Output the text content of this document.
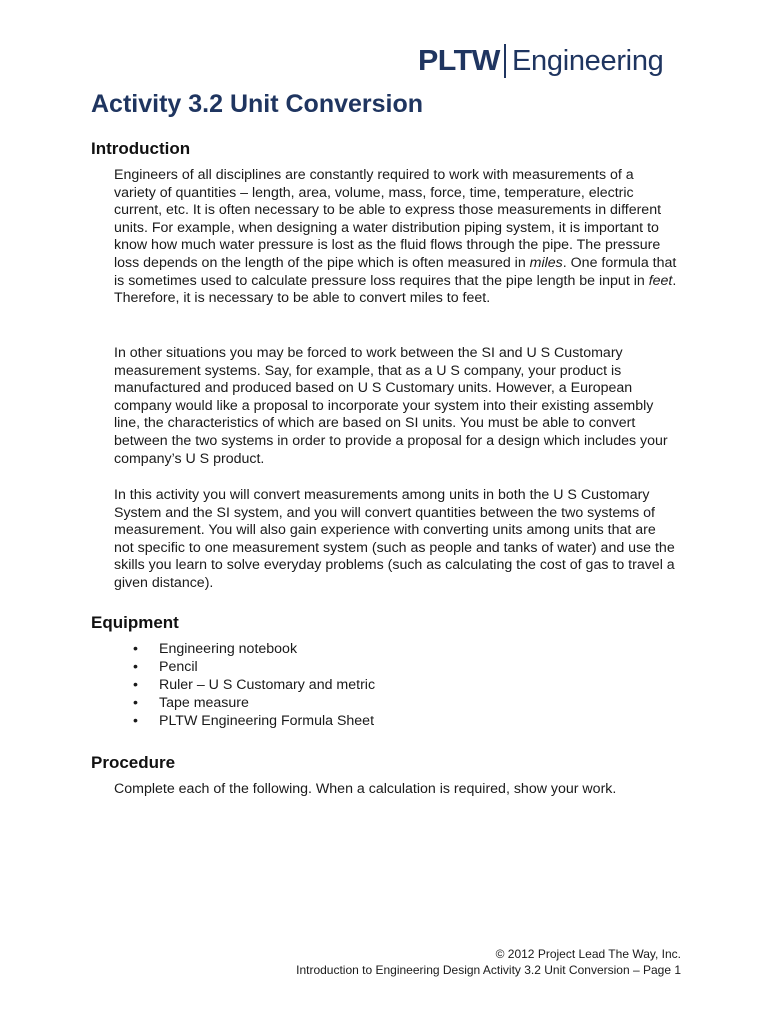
PLTW Engineering
Activity 3.2 Unit Conversion
Introduction

Engineers of all disciplines are constantly required to work with measurements of a variety of quantities – length, area, volume, mass, force, time, temperature, electric current, etc. It is often necessary to be able to express those measurements in different units. For example, when designing a water distribution piping system, it is important to know how much water pressure is lost as the fluid flows through the pipe. The pressure loss depends on the length of the pipe which is often measured in miles. One formula that is sometimes used to calculate pressure loss requires that the pipe length be input in feet. Therefore, it is necessary to be able to convert miles to feet.

In other situations you may be forced to work between the SI and U S Customary measurement systems. Say, for example, that as a U S company, your product is manufactured and produced based on U S Customary units. However, a European company would like a proposal to incorporate your system into their existing assembly line, the characteristics of which are based on SI units. You must be able to convert between the two systems in order to provide a proposal for a design which includes your company’s U S product.

In this activity you will convert measurements among units in both the U S Customary System and the SI system, and you will convert quantities between the two systems of measurement. You will also gain experience with converting units among units that are not specific to one measurement system (such as people and tanks of water) and use the skills you learn to solve everyday problems (such as calculating the cost of gas to travel a given distance).

Equipment
•	Engineering notebook
•	Pencil
•	Ruler – U S Customary and metric
•	Tape measure
•	PLTW Engineering Formula Sheet
Procedure

Complete each of the following. When a calculation is required, show your work.

© 2012 Project Lead The Way, Inc.
Introduction to Engineering Design Activity 3.2 Unit Conversion – Page 1
